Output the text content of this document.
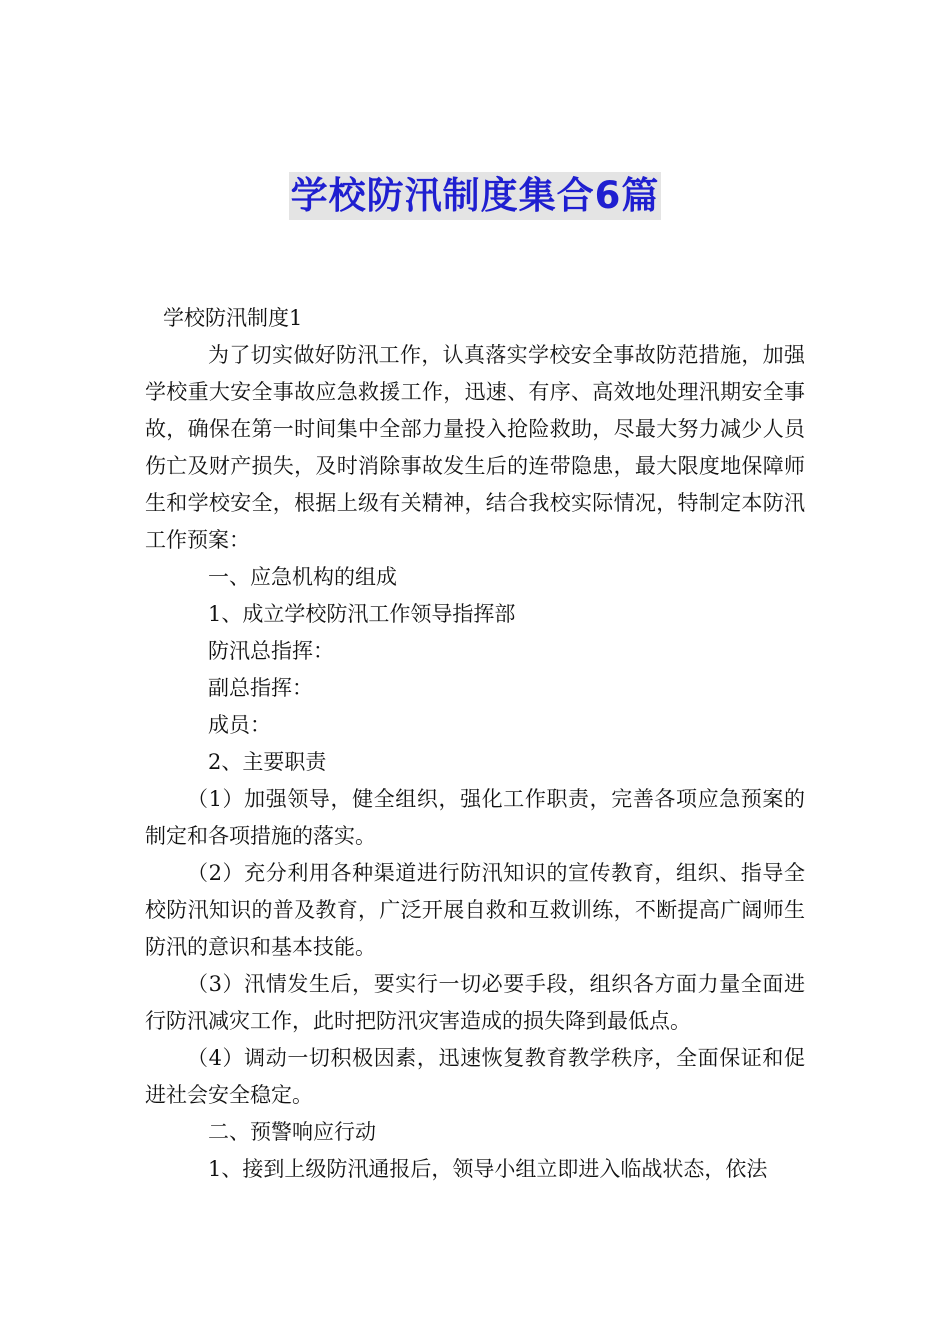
学校防汛制度集合6篇

学校防汛制度1

为了切实做好防汛工作，认真落实学校安全事故防范措施，加强学校重大安全事故应急救援工作，迅速、有序、高效地处理汛期安全事故，确保在第一时间集中全部力量投入抢险救助，尽最大努力减少人员伤亡及财产损失，及时消除事故发生后的连带隐患，最大限度地保障师生和学校安全，根据上级有关精神，结合我校实际情况，特制定本防汛工作预案：

一、应急机构的组成

1、成立学校防汛工作领导指挥部

防汛总指挥：

副总指挥：

成员：

2、主要职责

（1）加强领导，健全组织，强化工作职责，完善各项应急预案的制定和各项措施的落实。

（2）充分利用各种渠道进行防汛知识的宣传教育，组织、指导全校防汛知识的普及教育，广泛开展自救和互救训练，不断提高广阔师生防汛的意识和基本技能。

（3）汛情发生后，要实行一切必要手段，组织各方面力量全面进行防汛减灾工作，此时把防汛灾害造成的损失降到最低点。

（4）调动一切积极因素，迅速恢复教育教学秩序，全面保证和促进社会安全稳定。

二、预警响应行动

1、接到上级防汛通报后，领导小组立即进入临战状态，依法
